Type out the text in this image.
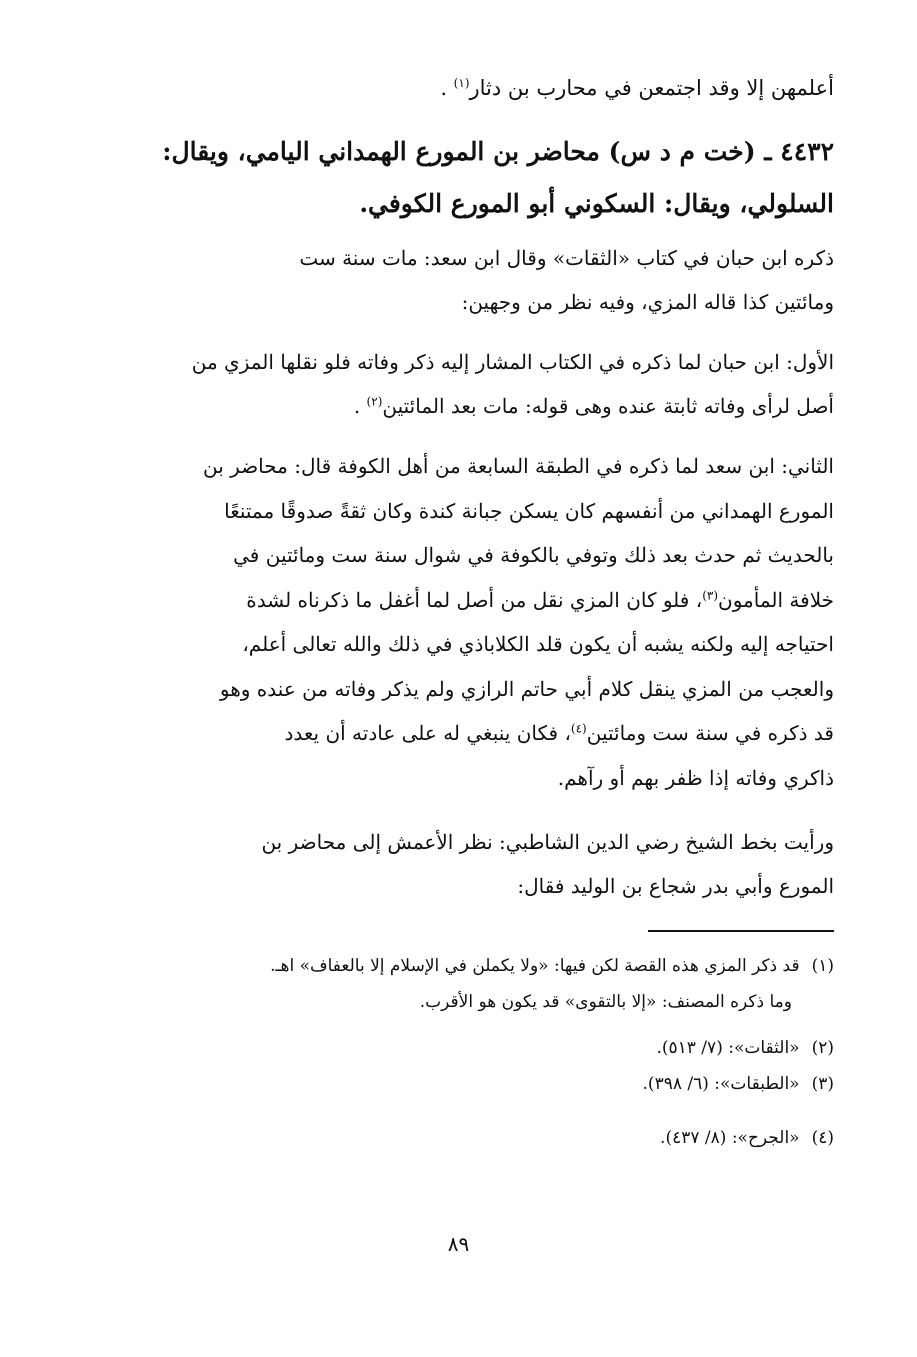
أعلمهن إلا وقد اجتمعن في محارب بن دثار$^{(١)}$ .
٤٤٣٢ ـ (خت م د س) محاضر بن المورع الهمداني اليامي، ويقال:
السلولي، ويقال: السكوني أبو المورع الكوفي.
ذكره ابن حبان في كتاب «الثقات» وقال ابن سعد: مات سنة ست
ومائتين كذا قاله المزي، وفيه نظر من وجهين:
الأول: ابن حبان لما ذكره في الكتاب المشار إليه ذكر وفاته فلو نقلها المزي من
أصل لرأى وفاته ثابتة عنده وهى قوله: مات بعد المائتين$^{(٢)}$ .
الثاني: ابن سعد لما ذكره في الطبقة السابعة من أهل الكوفة قال: محاضر بن
المورع الهمداني من أنفسهم كان يسكن جبانة كندة وكان ثقةً صدوقًا ممتنعًا
بالحديث ثم حدث بعد ذلك وتوفي بالكوفة في شوال سنة ست ومائتين في
خلافة المأمون$^{(٣)}$، فلو كان المزي نقل من أصل لما أغفل ما ذكرناه لشدة
احتياجه إليه ولكنه يشبه أن يكون قلد الكلاباذي في ذلك والله تعالى أعلم،
والعجب من المزي ينقل كلام أبي حاتم الرازي ولم يذكر وفاته من عنده وهو
قد ذكره في سنة ست ومائتين$^{(٤)}$، فكان ينبغي له على عادته أن يعدد
ذاكري وفاته إذا ظفر بهم أو رآهم.
ورأيت بخط الشيخ رضي الدين الشاطبي: نظر الأعمش إلى محاضر بن
المورع وأبي بدر شجاع بن الوليد فقال:
(١)قد ذكر المزي هذه القصة لكن فيها: «ولا يكملن في الإسلام إلا بالعفاف» اهـ.
وما ذكره المصنف: «إلا بالتقوى» قد يكون هو الأقرب.
(٢)«الثقات»: (٧/ ٥١٣).
(٣)«الطبقات»: (٦/ ٣٩٨).
(٤)«الجرح»: (٨/ ٤٣٧).
٨٩
